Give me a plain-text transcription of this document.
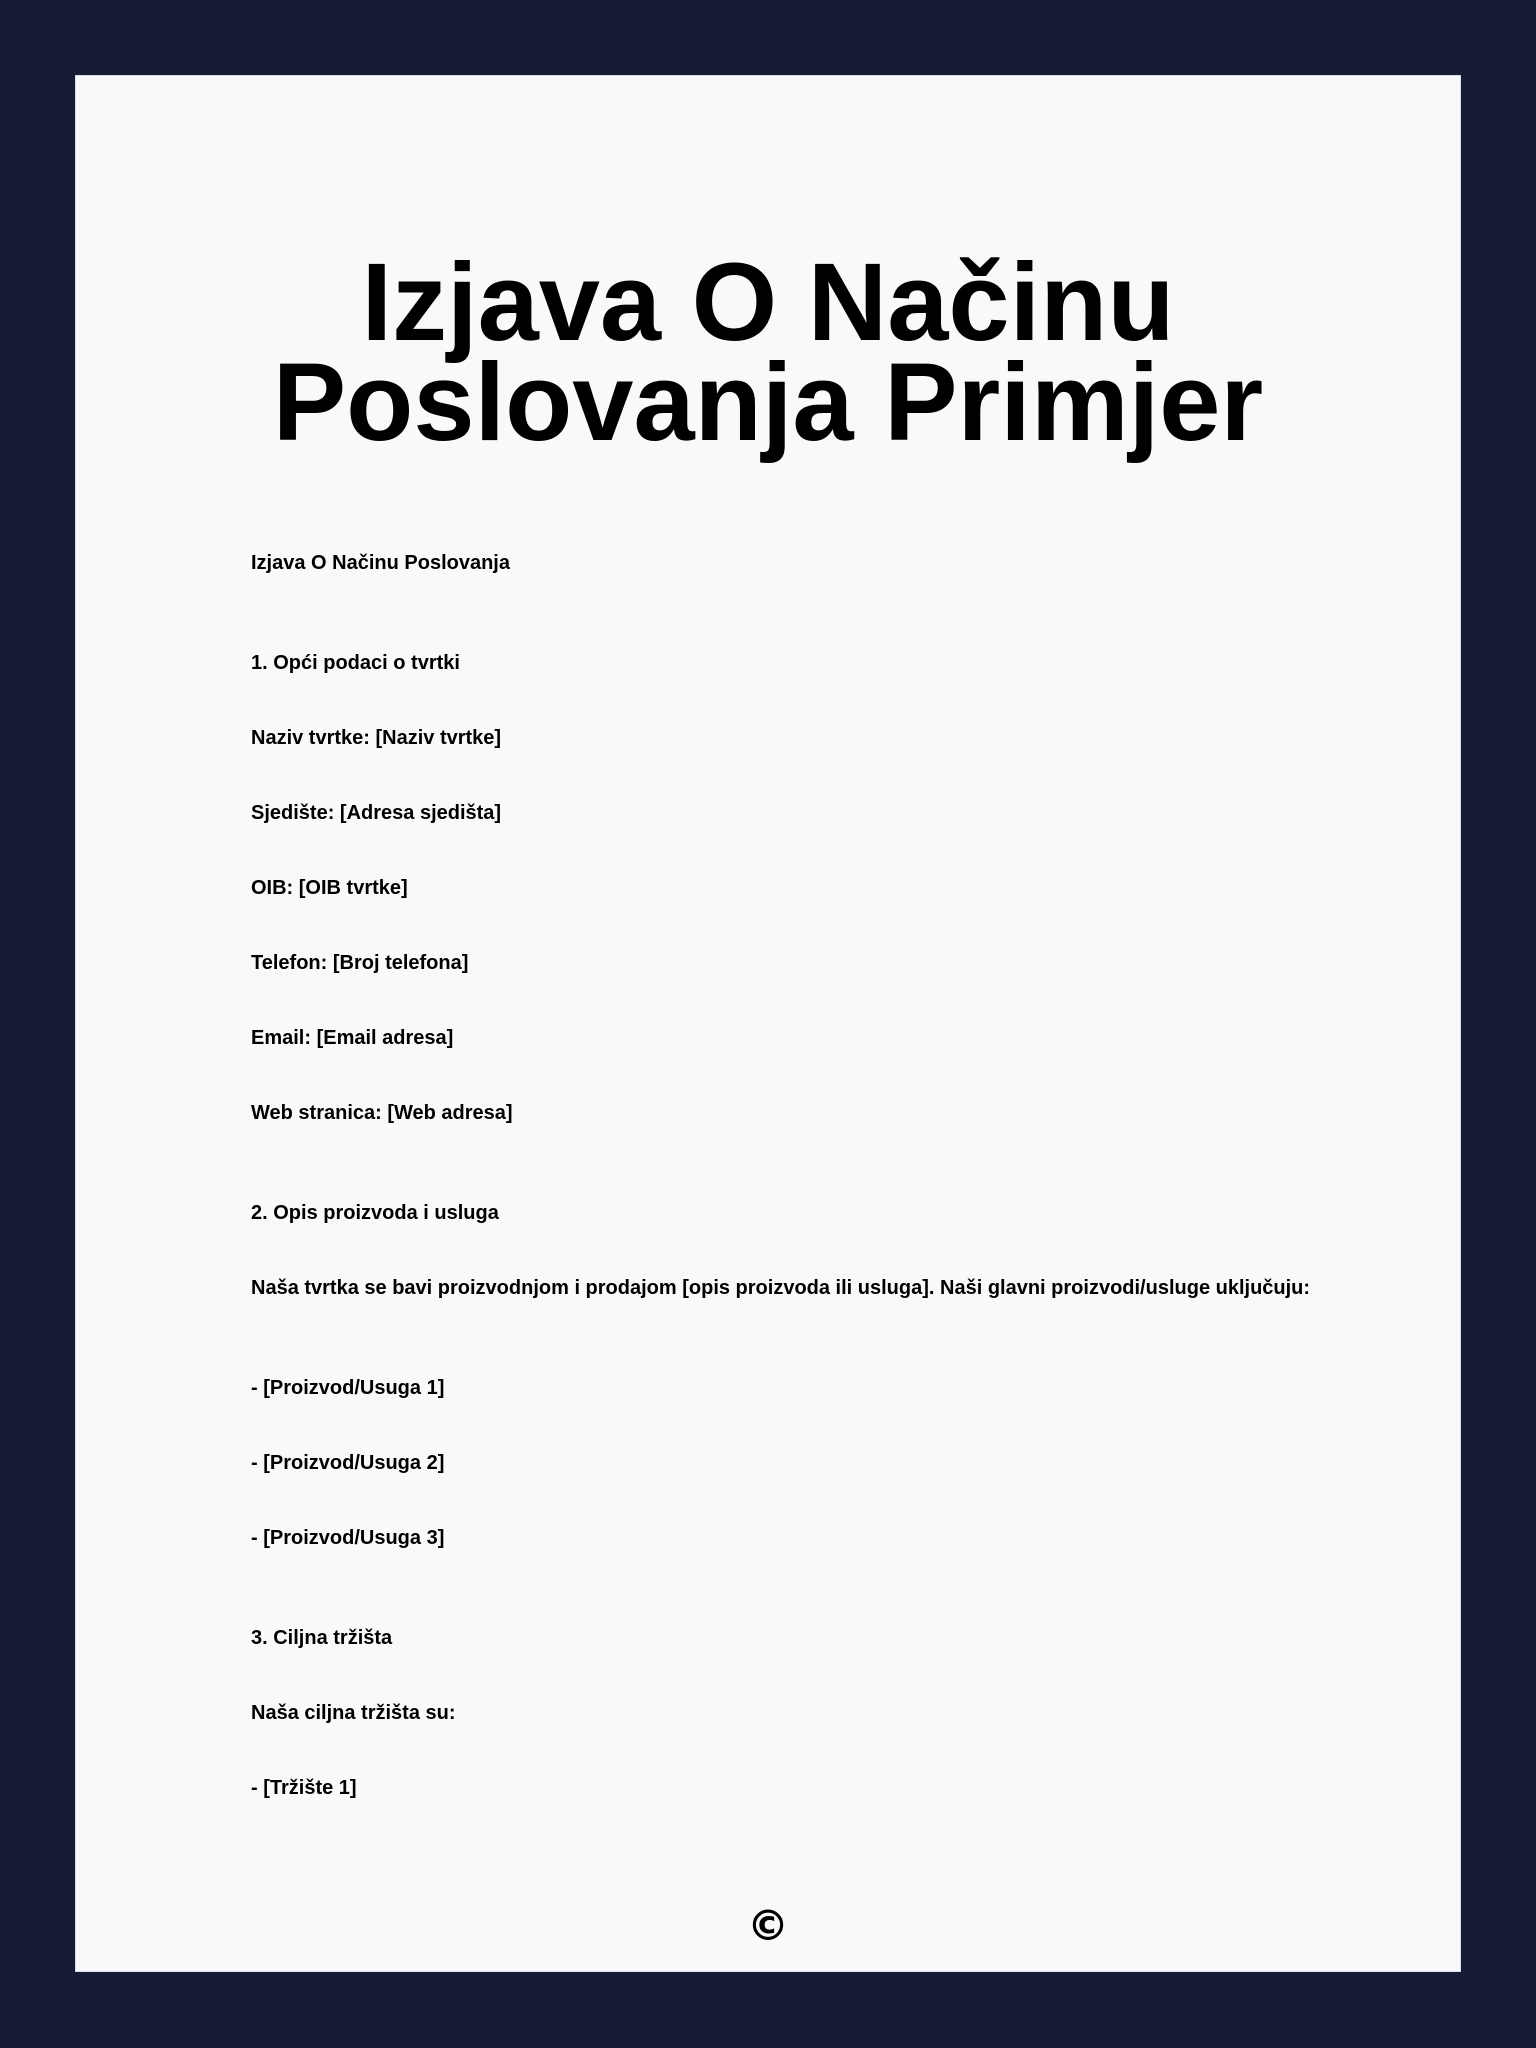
Izjava O Načinu Poslovanja Primjer

Izjava O Načinu Poslovanja

1. Opći podaci o tvrtki

Naziv tvrtke: [Naziv tvrtke]

Sjedište: [Adresa sjedišta]

OIB: [OIB tvrtke]

Telefon: [Broj telefona]

Email: [Email adresa]

Web stranica: [Web adresa]

2. Opis proizvoda i usluga

Naša tvrtka se bavi proizvodnjom i prodajom [opis proizvoda ili usluga]. Naši glavni proizvodi/usluge uključuju:

- [Proizvod/Usuga 1]

- [Proizvod/Usuga 2]

- [Proizvod/Usuga 3]

3. Ciljna tržišta

Naša ciljna tržišta su:

- [Tržište 1]

©
